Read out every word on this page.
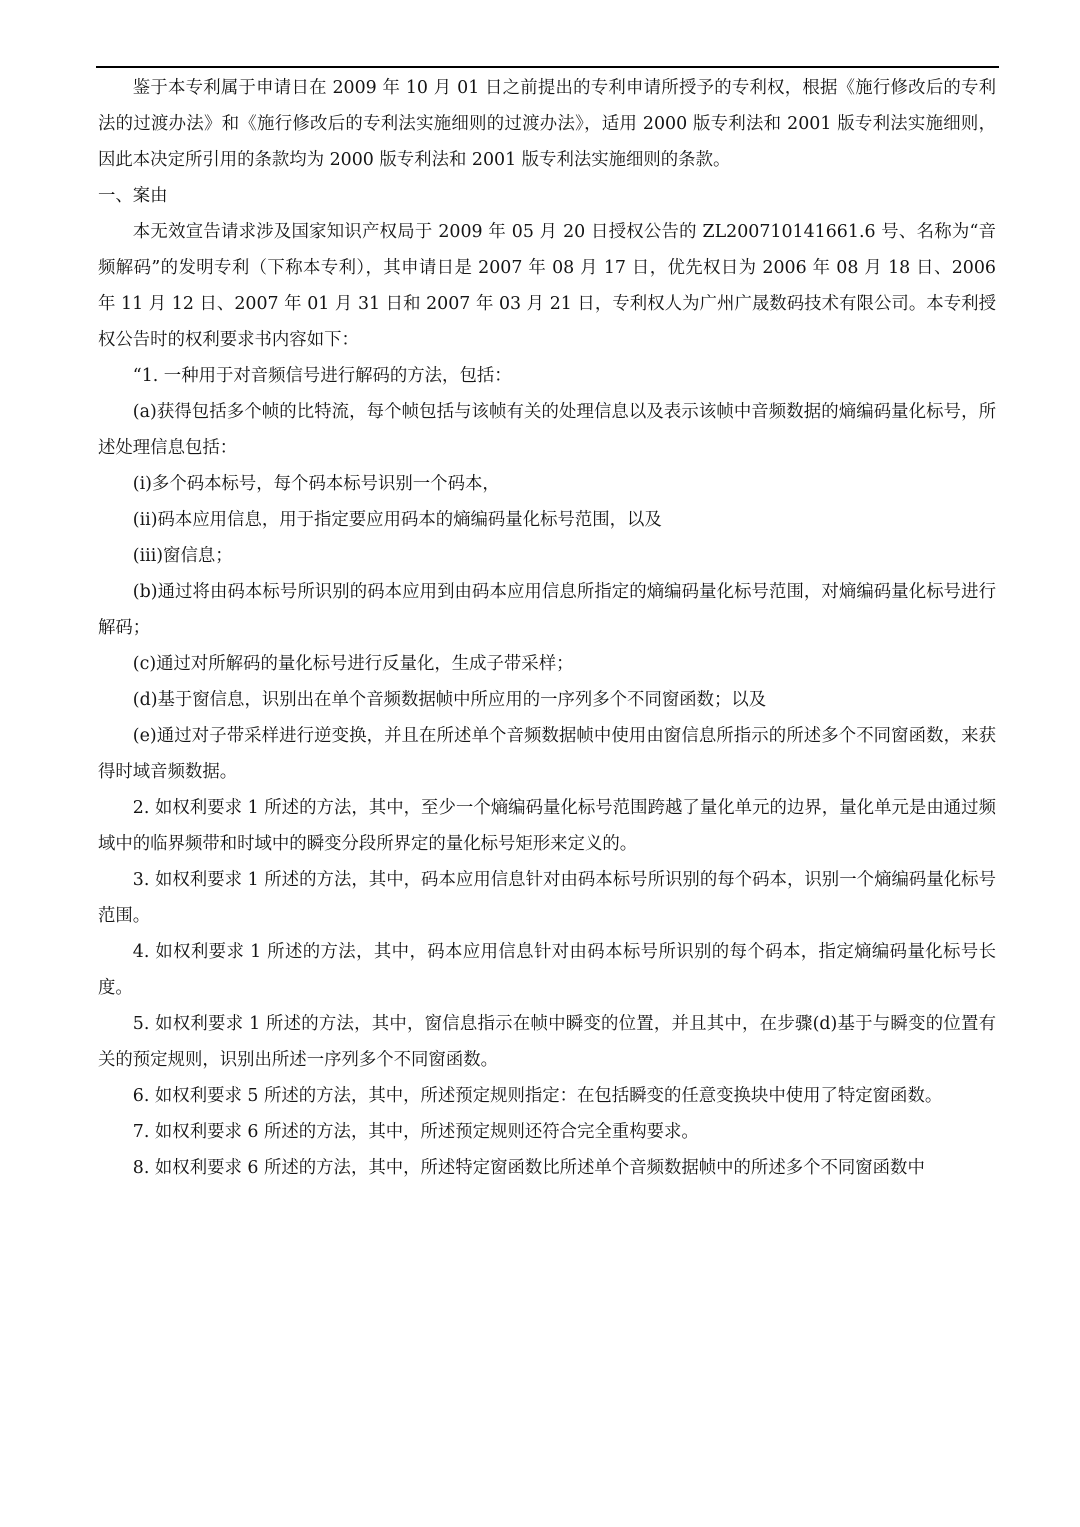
鉴于本专利属于申请日在 2009 年 10 月 01 日之前提出的专利申请所授予的专利权，根据《施行修改后的专利法的过渡办法》和《施行修改后的专利法实施细则的过渡办法》，适用 2000 版专利法和 2001 版专利法实施细则，因此本决定所引用的条款均为 2000 版专利法和 2001 版专利法实施细则的条款。

一、案由

本无效宣告请求涉及国家知识产权局于 2009 年 05 月 20 日授权公告的 ZL200710141661.6 号、名称为“音频解码”的发明专利（下称本专利），其申请日是 2007 年 08 月 17 日，优先权日为 2006 年 08 月 18 日、2006 年 11 月 12 日、2007 年 01 月 31 日和 2007 年 03 月 21 日，专利权人为广州广晟数码技术有限公司。本专利授权公告时的权利要求书内容如下：

“1. 一种用于对音频信号进行解码的方法，包括：

(a)获得包括多个帧的比特流，每个帧包括与该帧有关的处理信息以及表示该帧中音频数据的熵编码量化标号，所述处理信息包括：

(i)多个码本标号，每个码本标号识别一个码本，

(ii)码本应用信息，用于指定要应用码本的熵编码量化标号范围，以及

(iii)窗信息；

(b)通过将由码本标号所识别的码本应用到由码本应用信息所指定的熵编码量化标号范围，对熵编码量化标号进行解码；

(c)通过对所解码的量化标号进行反量化，生成子带采样；

(d)基于窗信息，识别出在单个音频数据帧中所应用的一序列多个不同窗函数；以及

(e)通过对子带采样进行逆变换，并且在所述单个音频数据帧中使用由窗信息所指示的所述多个不同窗函数，来获得时域音频数据。

2. 如权利要求 1 所述的方法，其中，至少一个熵编码量化标号范围跨越了量化单元的边界，量化单元是由通过频域中的临界频带和时域中的瞬变分段所界定的量化标号矩形来定义的。

3. 如权利要求 1 所述的方法，其中，码本应用信息针对由码本标号所识别的每个码本，识别一个熵编码量化标号范围。

4. 如权利要求 1 所述的方法，其中，码本应用信息针对由码本标号所识别的每个码本，指定熵编码量化标号长度。

5. 如权利要求 1 所述的方法，其中，窗信息指示在帧中瞬变的位置，并且其中，在步骤(d)基于与瞬变的位置有关的预定规则，识别出所述一序列多个不同窗函数。

6. 如权利要求 5 所述的方法，其中，所述预定规则指定：在包括瞬变的任意变换块中使用了特定窗函数。

7. 如权利要求 6 所述的方法，其中，所述预定规则还符合完全重构要求。

8. 如权利要求 6 所述的方法，其中，所述特定窗函数比所述单个音频数据帧中的所述多个不同窗函数中
